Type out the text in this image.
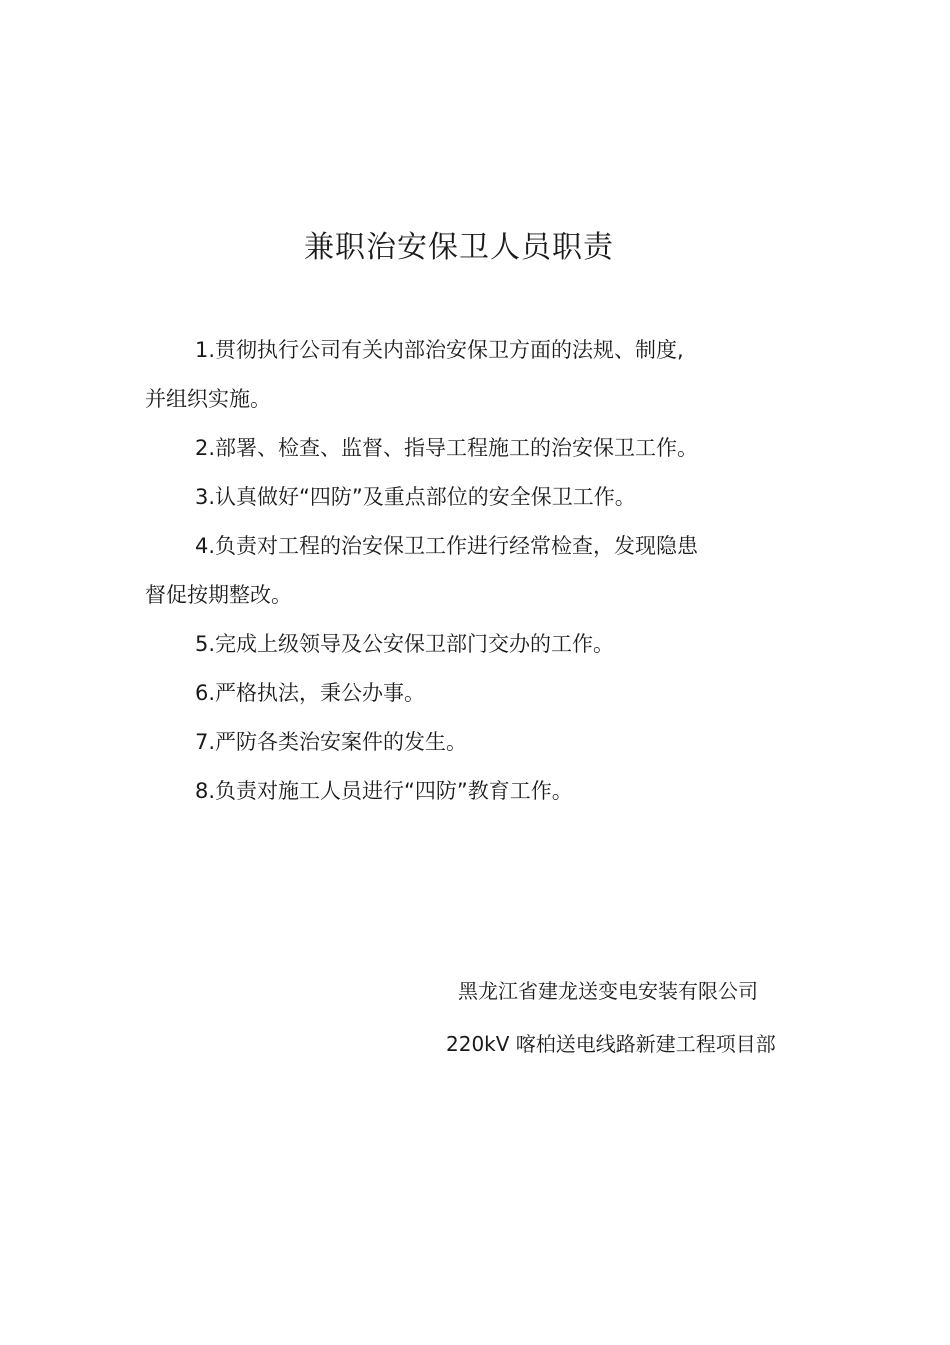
兼职治安保卫人员职责

1.贯彻执行公司有关内部治安保卫方面的法规、制度,

并组织实施。

2.部署、检查、监督、指导工程施工的治安保卫工作。

3.认真做好“四防”及重点部位的安全保卫工作。

4.负责对工程的治安保卫工作进行经常检查，发现隐患

督促按期整改。

5.完成上级领导及公安保卫部门交办的工作。

6.严格执法，秉公办事。

7.严防各类治安案件的发生。

8.负责对施工人员进行“四防”教育工作。

黑龙江省建龙送变电安装有限公司

220kV 喀柏送电线路新建工程项目部
